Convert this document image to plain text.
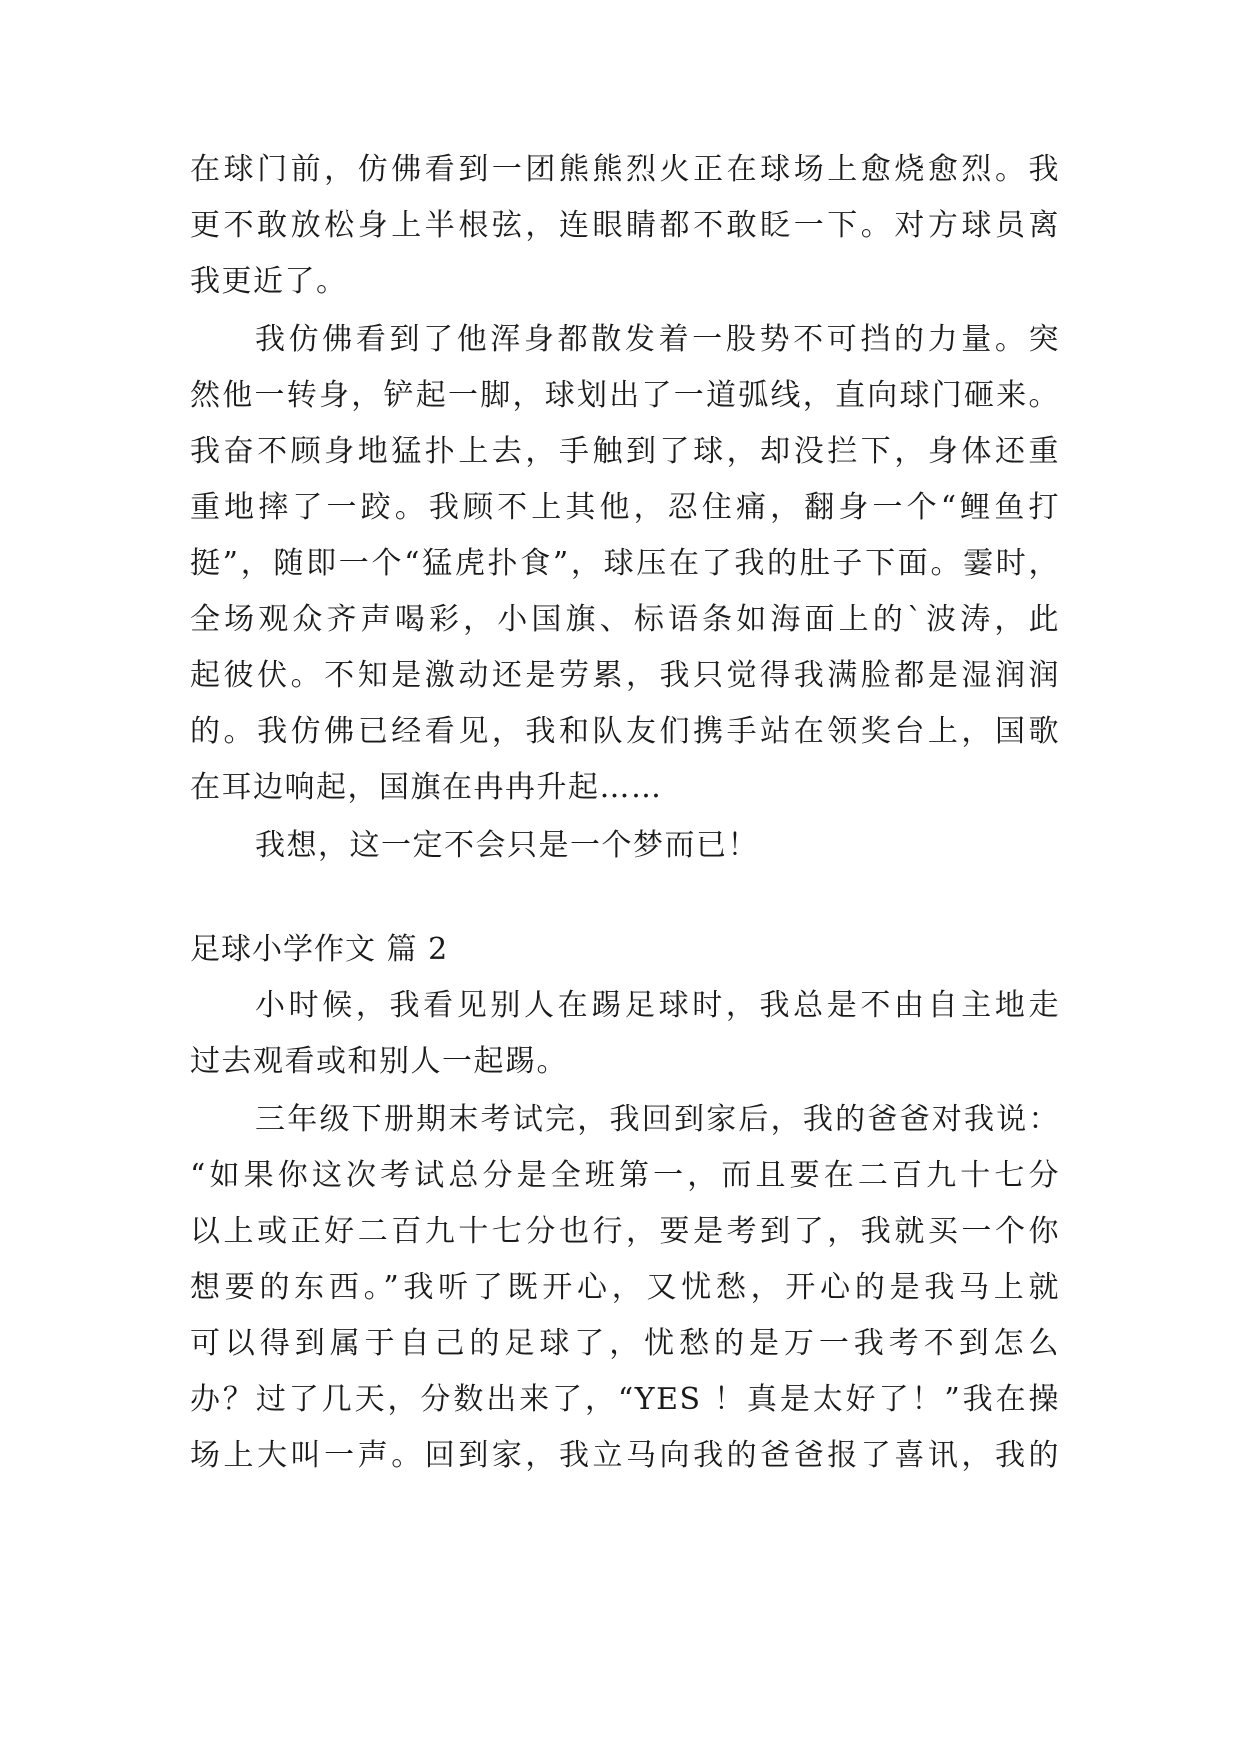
在球门前，仿佛看到一团熊熊烈火正在球场上愈烧愈烈。我
更不敢放松身上半根弦，连眼睛都不敢眨一下。对方球员离
我更近了。
我仿佛看到了他浑身都散发着一股势不可挡的力量。突
然他一转身，铲起一脚，球划出了一道弧线，直向球门砸来。
我奋不顾身地猛扑上去，手触到了球，却没拦下，身体还重
重地摔了一跤。我顾不上其他，忍住痛，翻身一个“鲤鱼打
挺”，随即一个“猛虎扑食”，球压在了我的肚子下面。霎时，
全场观众齐声喝彩，小国旗、标语条如海面上的`波涛，此
起彼伏。不知是激动还是劳累，我只觉得我满脸都是湿润润
的。我仿佛已经看见，我和队友们携手站在领奖台上，国歌
在耳边响起，国旗在冉冉升起……
我想，这一定不会只是一个梦而已！
足球小学作文 篇 2
小时候，我看见别人在踢足球时，我总是不由自主地走
过去观看或和别人一起踢。
三年级下册期末考试完，我回到家后，我的爸爸对我说：
“如果你这次考试总分是全班第一，而且要在二百九十七分
以上或正好二百九十七分也行，要是考到了，我就买一个你
想要的东西。”我听了既开心，又忧愁，开心的是我马上就
可以得到属于自己的足球了，忧愁的是万一我考不到怎么
办？过了几天，分数出来了，“YES ！真是太好了！”我在操
场上大叫一声。回到家，我立马向我的爸爸报了喜讯，我的
